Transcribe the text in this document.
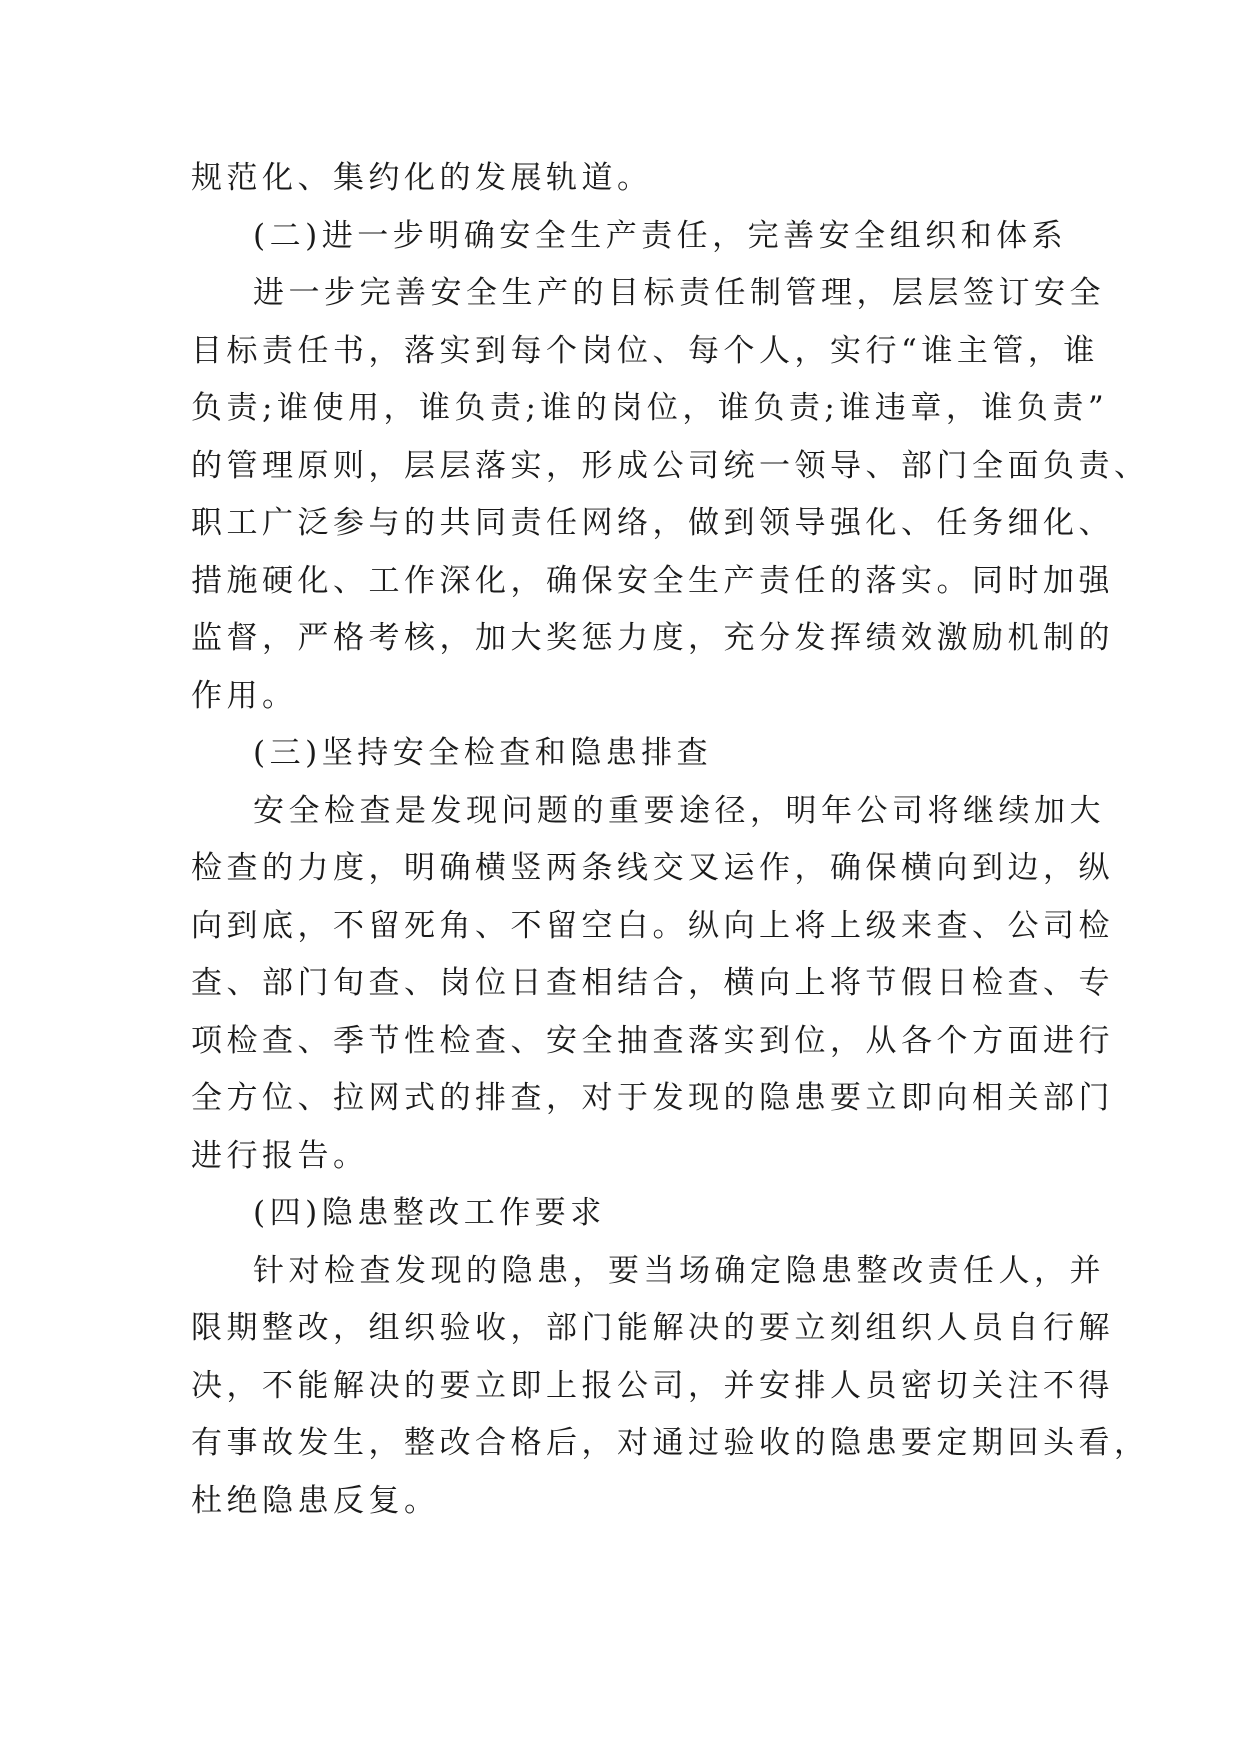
规范化、集约化的发展轨道。
(二)进一步明确安全生产责任，完善安全组织和体系
进一步完善安全生产的目标责任制管理，层层签订安全
目标责任书，落实到每个岗位、每个人，实行“谁主管，谁
负责;谁使用，谁负责;谁的岗位，谁负责;谁违章，谁负责”
的管理原则，层层落实，形成公司统一领导、部门全面负责、
职工广泛参与的共同责任网络，做到领导强化、任务细化、
措施硬化、工作深化，确保安全生产责任的落实。同时加强
监督，严格考核，加大奖惩力度，充分发挥绩效激励机制的
作用。
(三)坚持安全检查和隐患排查
安全检查是发现问题的重要途径，明年公司将继续加大
检查的力度，明确横竖两条线交叉运作，确保横向到边，纵
向到底，不留死角、不留空白。纵向上将上级来查、公司检
查、部门旬查、岗位日查相结合，横向上将节假日检查、专
项检查、季节性检查、安全抽查落实到位，从各个方面进行
全方位、拉网式的排查，对于发现的隐患要立即向相关部门
进行报告。
(四)隐患整改工作要求
针对检查发现的隐患，要当场确定隐患整改责任人，并
限期整改，组织验收，部门能解决的要立刻组织人员自行解
决，不能解决的要立即上报公司，并安排人员密切关注不得
有事故发生，整改合格后，对通过验收的隐患要定期回头看，
杜绝隐患反复。
